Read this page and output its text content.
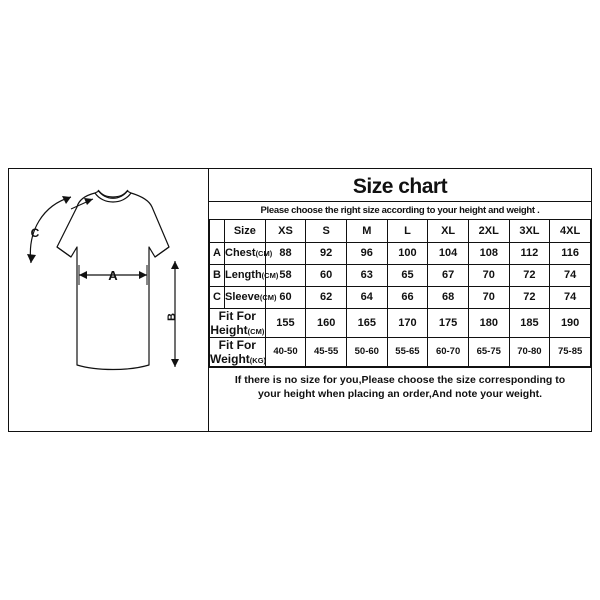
A
B
C
Size chart
Please choose the right size according to your height and weight .
	Size	XS	S	M	L	XL	2XL	3XL	4XL
A	Chest(CM)	88	92	96	100	104	108	112	116
B	Length(CM)	58	60	63	65	67	70	72	74
C	Sleeve(CM)	60	62	64	66	68	70	72	74
Fit For Height(CM)		155	160	165	170	175	180	185	190
Fit For Weight(KG)		40-50	45-55	50-60	55-65	60-70	65-75	70-80	75-85
If there is no size for you,Please choose the size corresponding to
your height when placing an order,And note your weight.
